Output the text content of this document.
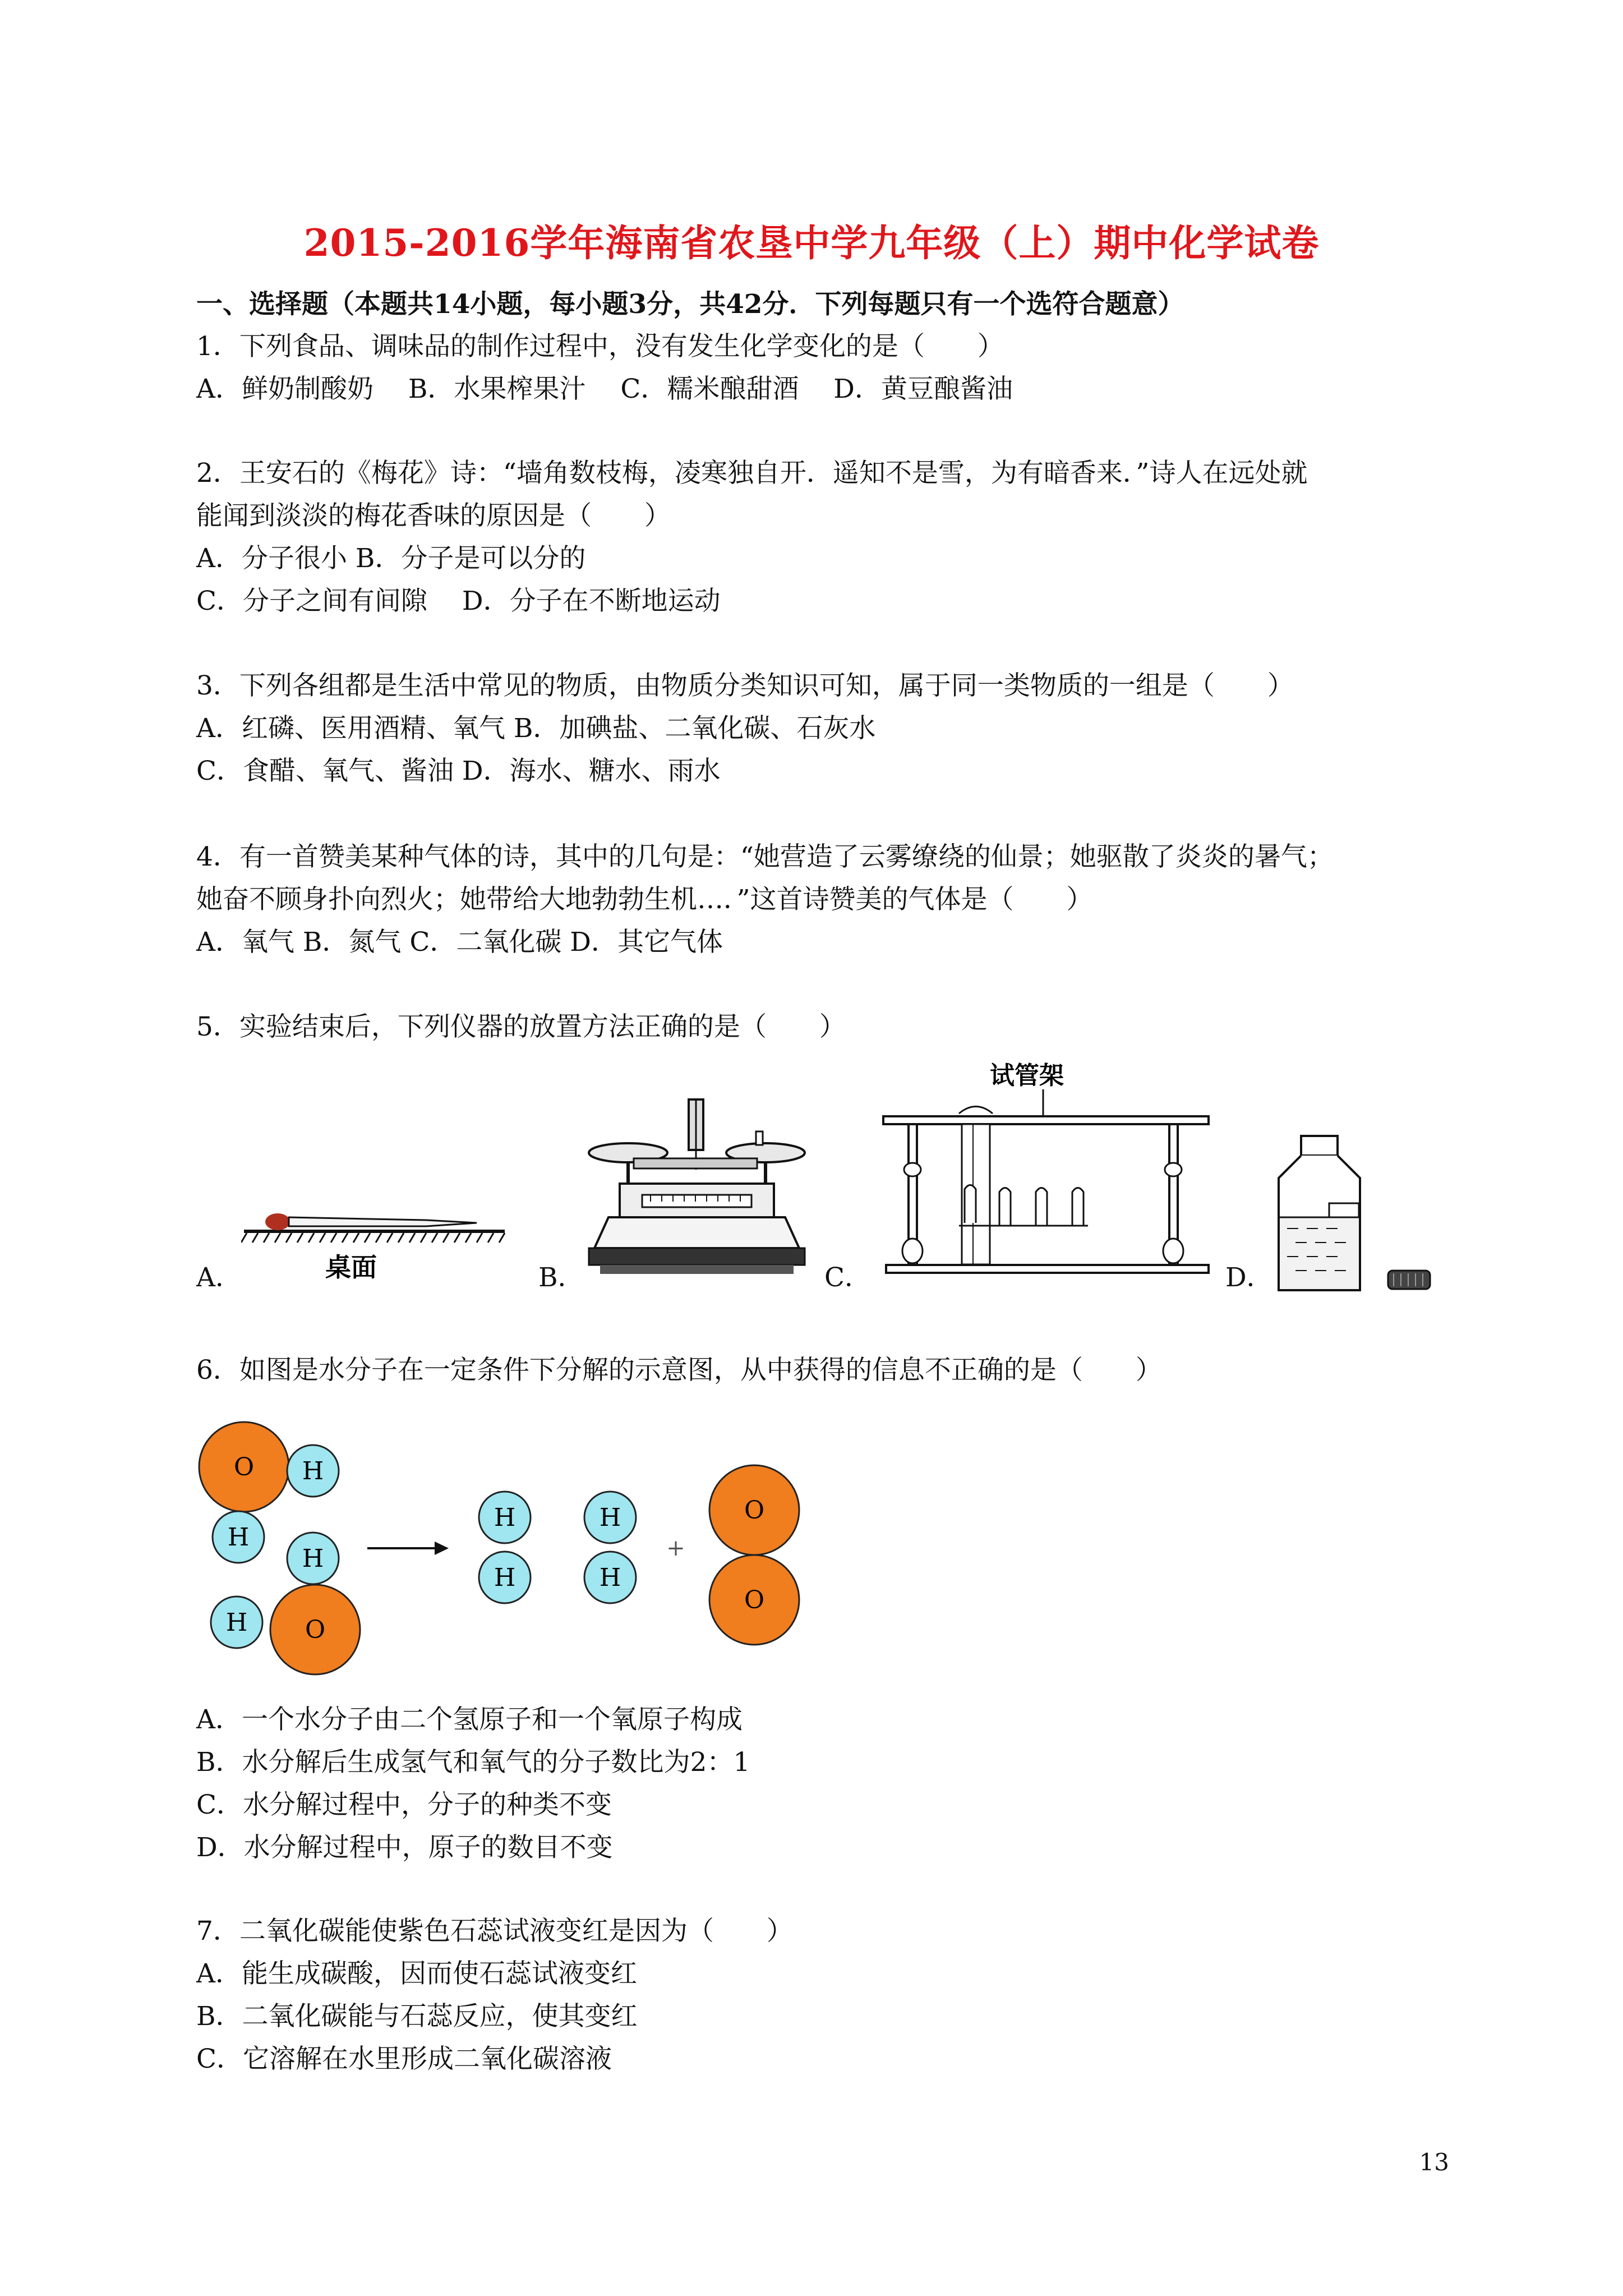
2015-2016学年海南省农垦中学九年级（上）期中化学试卷
一、选择题（本题共14小题，每小题3分，共42分．下列每题只有一个选符合题意）
1．下列食品、调味品的制作过程中，没有发生化学变化的是（　　）
A．鲜奶制酸奶　 B．水果榨果汁　 C．糯米酿甜酒　 D．黄豆酿酱油
2．王安石的《梅花》诗：“墙角数枝梅，凌寒独自开．遥知不是雪，为有暗香来．”诗人在远处就
能闻到淡淡的梅花香味的原因是（　　）
A．分子很小 B．分子是可以分的
C．分子之间有间隙　 D．分子在不断地运动
3．下列各组都是生活中常见的物质，由物质分类知识可知，属于同一类物质的一组是（　　）
A．红磷、医用酒精、氧气 B．加碘盐、二氧化碳、石灰水
C．食醋、氧气、酱油 D．海水、糖水、雨水
4．有一首赞美某种气体的诗，其中的几句是：“她营造了云雾缭绕的仙景；她驱散了炎炎的暑气；
她奋不顾身扑向烈火；她带给大地勃勃生机…．”这首诗赞美的气体是（　　）
A．氧气 B．氮气 C．二氧化碳 D．其它气体
5．实验结束后，下列仪器的放置方法正确的是（　　）
A．	B．	C．	D．
桌面
试管架
6．如图是水分子在一定条件下分解的示意图，从中获得的信息不正确的是（　　）
O H
H
H
O
H
H
H
H
H
+
O
O
A．一个水分子由二个氢原子和一个氧原子构成
B．水分解后生成氢气和氧气的分子数比为2：1
C．水分解过程中，分子的种类不变
D．水分解过程中，原子的数目不变
7．二氧化碳能使紫色石蕊试液变红是因为（　　）
A．能生成碳酸，因而使石蕊试液变红
B．二氧化碳能与石蕊反应，使其变红
C．它溶解在水里形成二氧化碳溶液
13
